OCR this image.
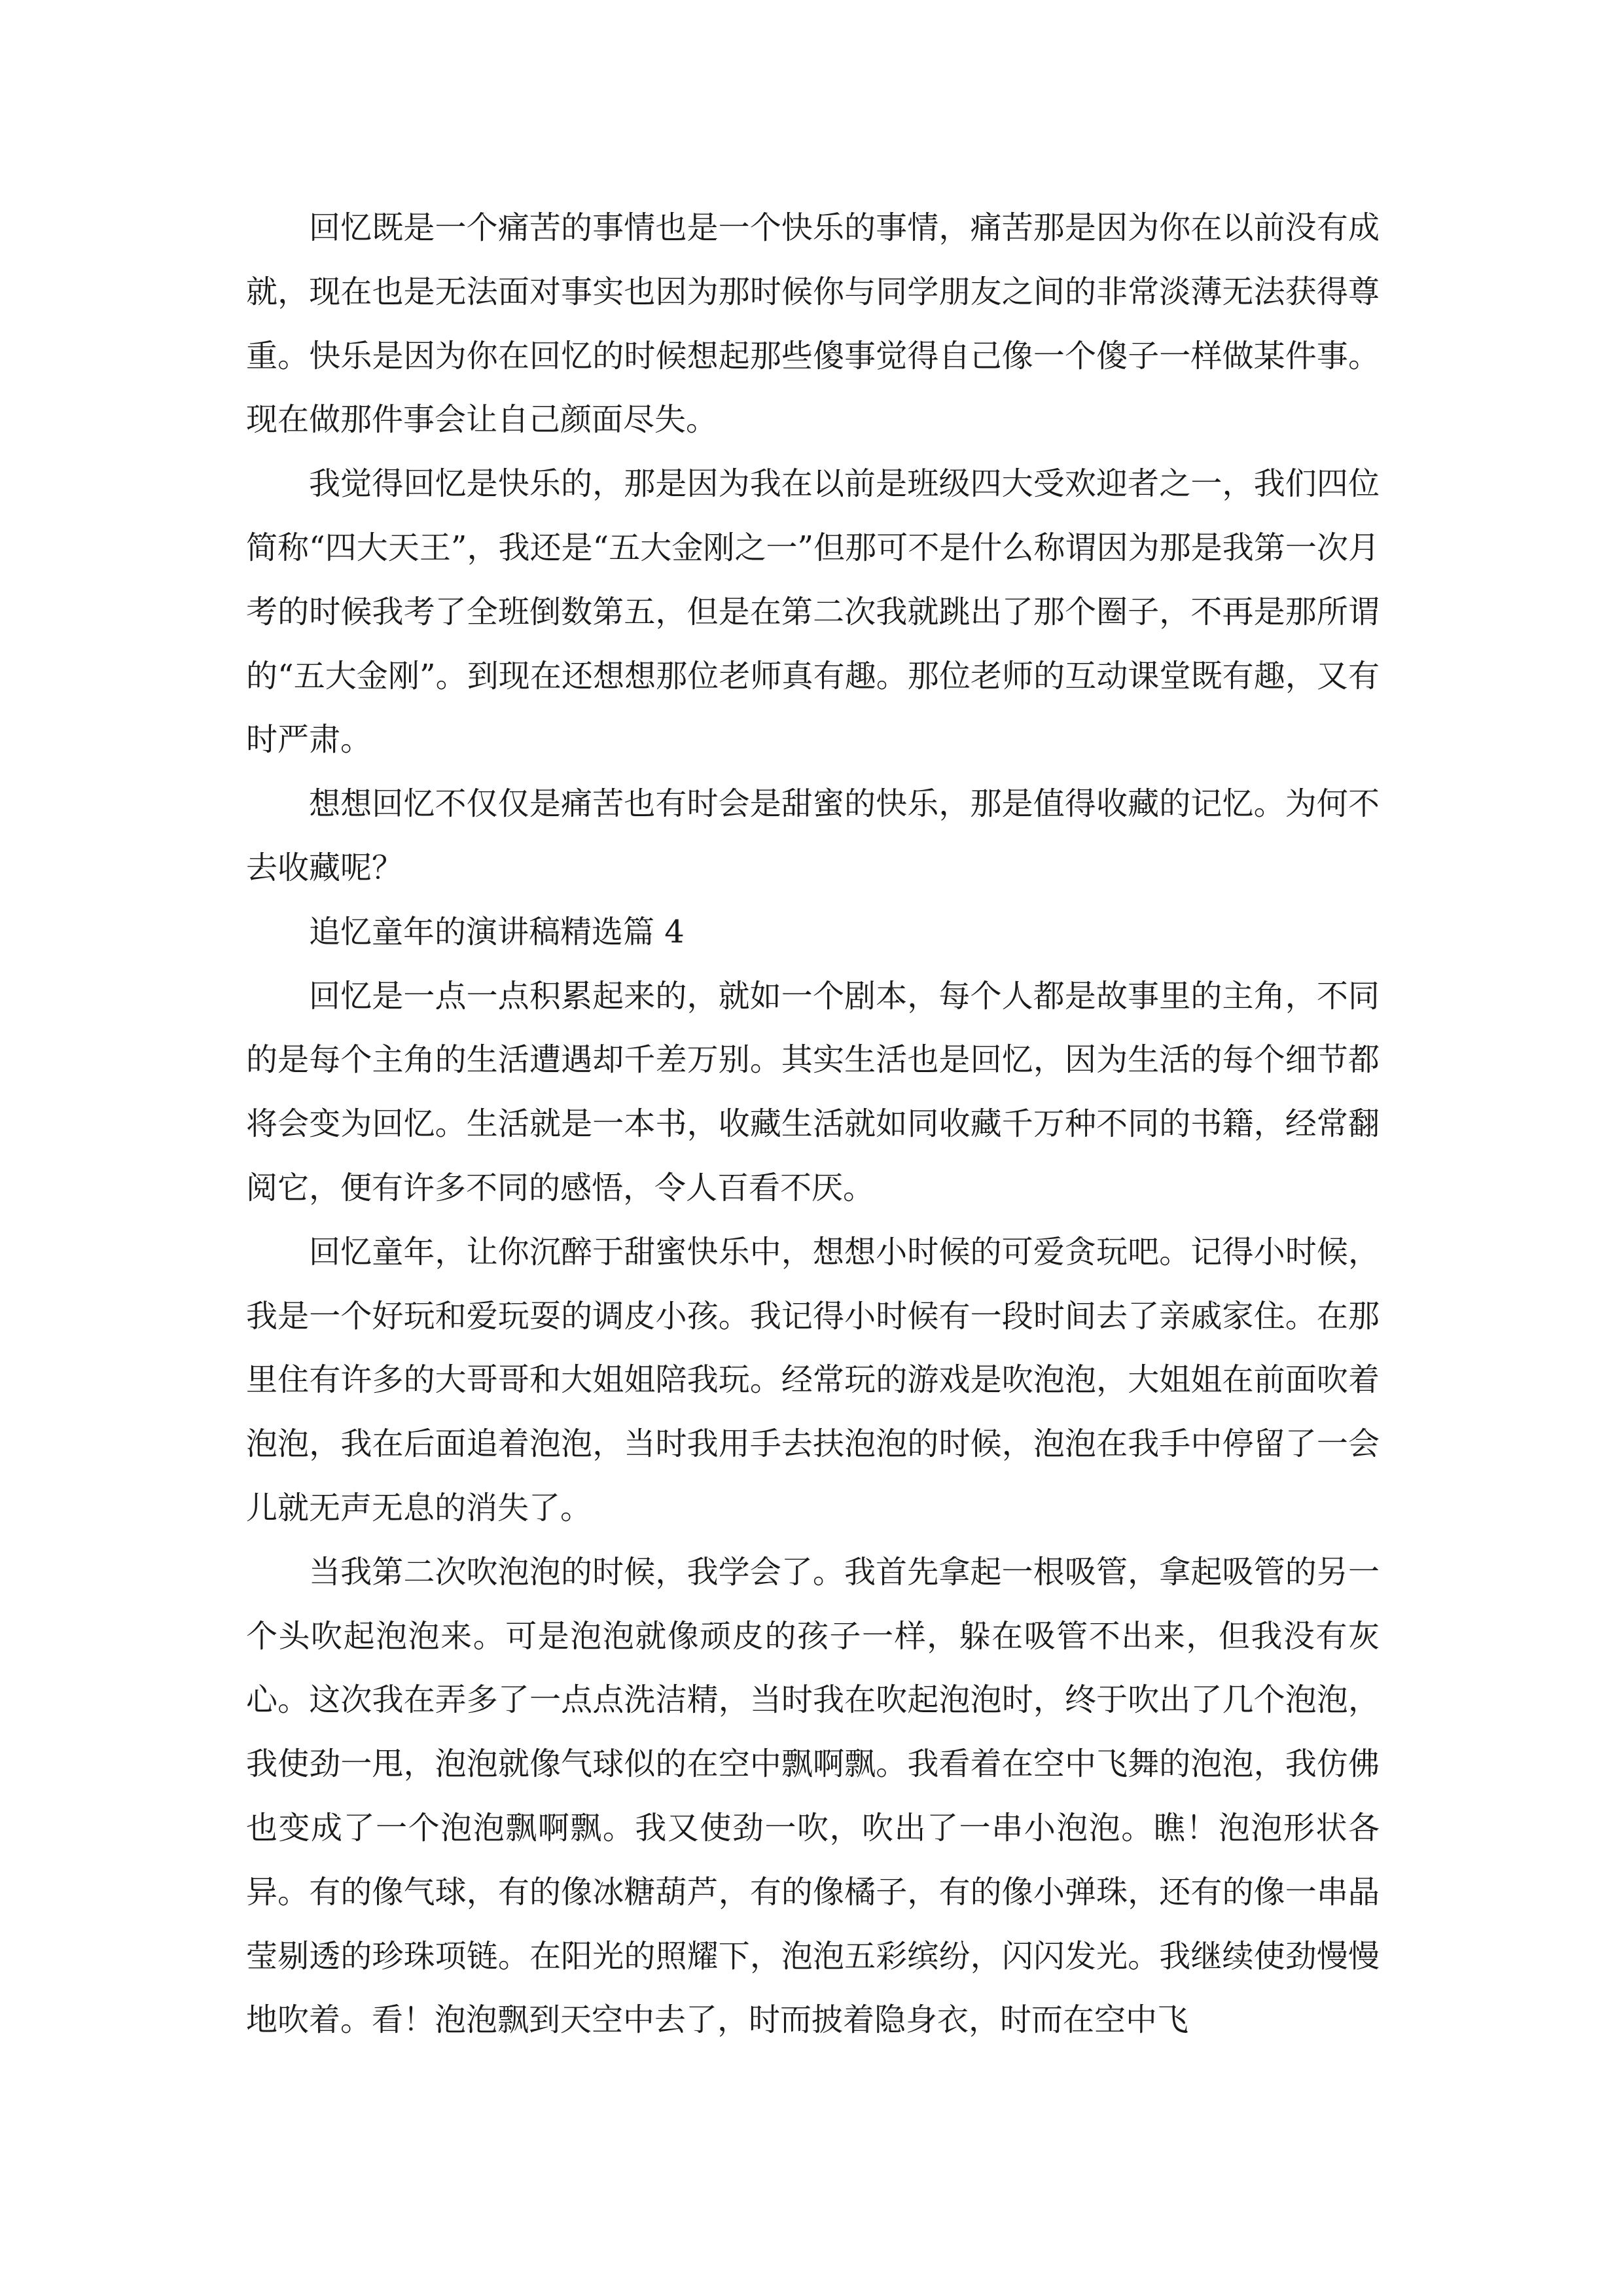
回忆既是一个痛苦的事情也是一个快乐的事情，痛苦那是因为你在以前没有成就，现在也是无法面对事实也因为那时候你与同学朋友之间的非常淡薄无法获得尊重。快乐是因为你在回忆的时候想起那些傻事觉得自己像一个傻子一样做某件事。现在做那件事会让自己颜面尽失。

我觉得回忆是快乐的，那是因为我在以前是班级四大受欢迎者之一，我们四位简称“四大天王”，我还是“五大金刚之一”但那可不是什么称谓因为那是我第一次月考的时候我考了全班倒数第五，但是在第二次我就跳出了那个圈子，不再是那所谓的“五大金刚”。到现在还想想那位老师真有趣。那位老师的互动课堂既有趣，又有时严肃。

想想回忆不仅仅是痛苦也有时会是甜蜜的快乐，那是值得收藏的记忆。为何不去收藏呢？

追忆童年的演讲稿精选篇 4

回忆是一点一点积累起来的，就如一个剧本，每个人都是故事里的主角，不同的是每个主角的生活遭遇却千差万别。其实生活也是回忆，因为生活的每个细节都将会变为回忆。生活就是一本书，收藏生活就如同收藏千万种不同的书籍，经常翻阅它，便有许多不同的感悟，令人百看不厌。

回忆童年，让你沉醉于甜蜜快乐中，想想小时候的可爱贪玩吧。记得小时候，我是一个好玩和爱玩耍的调皮小孩。我记得小时候有一段时间去了亲戚家住。在那里住有许多的大哥哥和大姐姐陪我玩。经常玩的游戏是吹泡泡，大姐姐在前面吹着泡泡，我在后面追着泡泡，当时我用手去扶泡泡的时候，泡泡在我手中停留了一会儿就无声无息的消失了。

当我第二次吹泡泡的时候，我学会了。我首先拿起一根吸管，拿起吸管的另一个头吹起泡泡来。可是泡泡就像顽皮的孩子一样，躲在吸管不出来，但我没有灰心。这次我在弄多了一点点洗洁精，当时我在吹起泡泡时，终于吹出了几个泡泡，我使劲一甩，泡泡就像气球似的在空中飘啊飘。我看着在空中飞舞的泡泡，我仿佛也变成了一个泡泡飘啊飘。我又使劲一吹，吹出了一串小泡泡。瞧！泡泡形状各异。有的像气球，有的像冰糖葫芦，有的像橘子，有的像小弹珠，还有的像一串晶莹剔透的珍珠项链。在阳光的照耀下，泡泡五彩缤纷，闪闪发光。我继续使劲慢慢地吹着。看！泡泡飘到天空中去了，时而披着隐身衣，时而在空中飞
